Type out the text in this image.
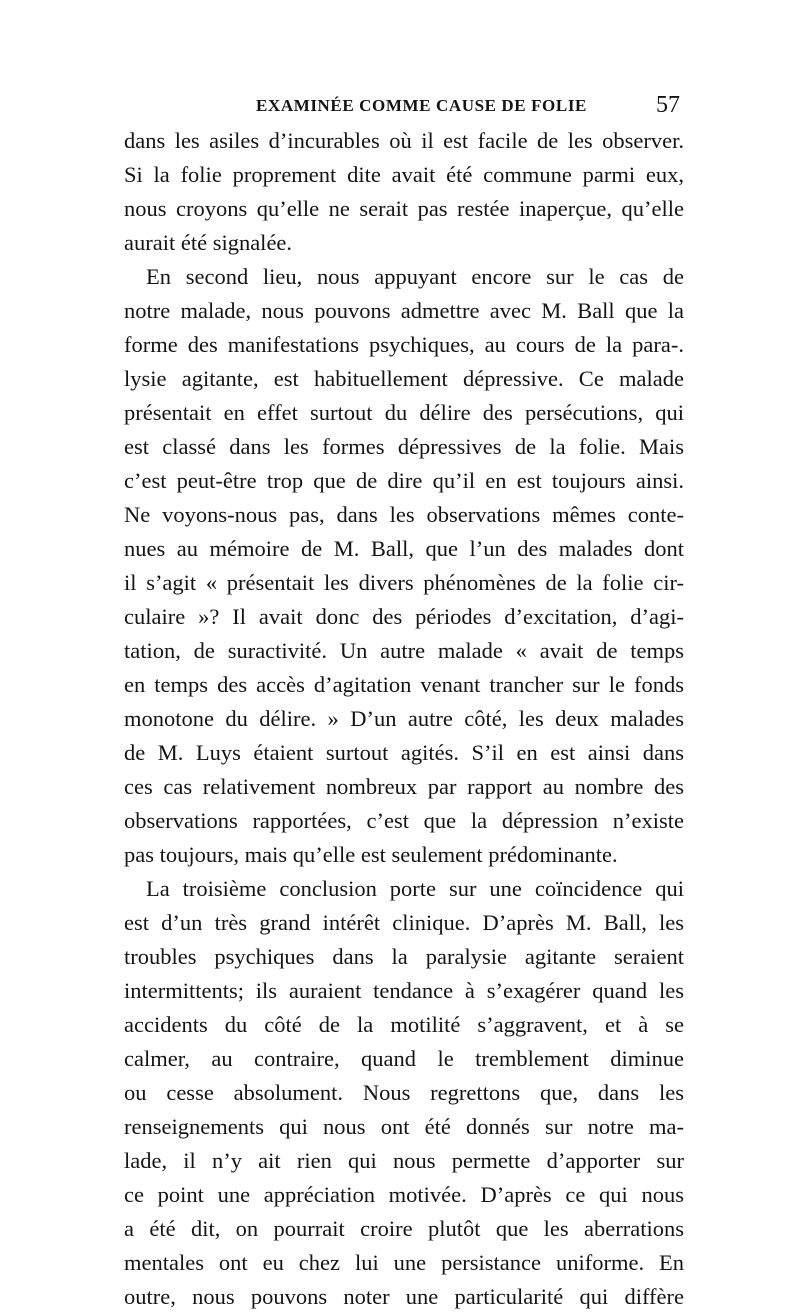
EXAMINÉE COMME CAUSE DE FOLIE	57
dans les asiles d’incurables où il est facile de les observer.
Si la folie proprement dite avait été commune parmi eux,
nous croyons qu’elle ne serait pas restée inaperçue, qu’elle
aurait été signalée.
En second lieu, nous appuyant encore sur le cas de
notre malade, nous pouvons admettre avec M. Ball que la
forme des manifestations psychiques, au cours de la para-.
lysie agitante, est habituellement dépressive. Ce malade
présentait en effet surtout du délire des persécutions, qui
est classé dans les formes dépressives de la folie. Mais
c’est peut-être trop que de dire qu’il en est toujours ainsi.
Ne voyons-nous pas, dans les observations mêmes conte-
nues au mémoire de M. Ball, que l’un des malades dont
il s’agit « présentait les divers phénomènes de la folie cir-
culaire »? Il avait donc des périodes d’excitation, d’agi-
tation, de suractivité. Un autre malade « avait de temps
en temps des accès d’agitation venant trancher sur le fonds
monotone du délire. » D’un autre côté, les deux malades
de M. Luys étaient surtout agités. S’il en est ainsi dans
ces cas relativement nombreux par rapport au nombre des
observations rapportées, c’est que la dépression n’existe
pas toujours, mais qu’elle est seulement prédominante.
La troisième conclusion porte sur une coïncidence qui
est d’un très grand intérêt clinique. D’après M. Ball, les
troubles psychiques dans la paralysie agitante seraient
intermittents; ils auraient tendance à s’exagérer quand les
accidents du côté de la motilité s’aggravent, et à se
calmer, au contraire, quand le tremblement diminue
ou cesse absolument. Nous regrettons que, dans les
renseignements qui nous ont été donnés sur notre ma-
lade, il n’y ait rien qui nous permette d’apporter sur
ce point une appréciation motivée. D’après ce qui nous
a été dit, on pourrait croire plutôt que les aberrations
mentales ont eu chez lui une persistance uniforme. En
outre, nous pouvons noter une particularité qui diffère
